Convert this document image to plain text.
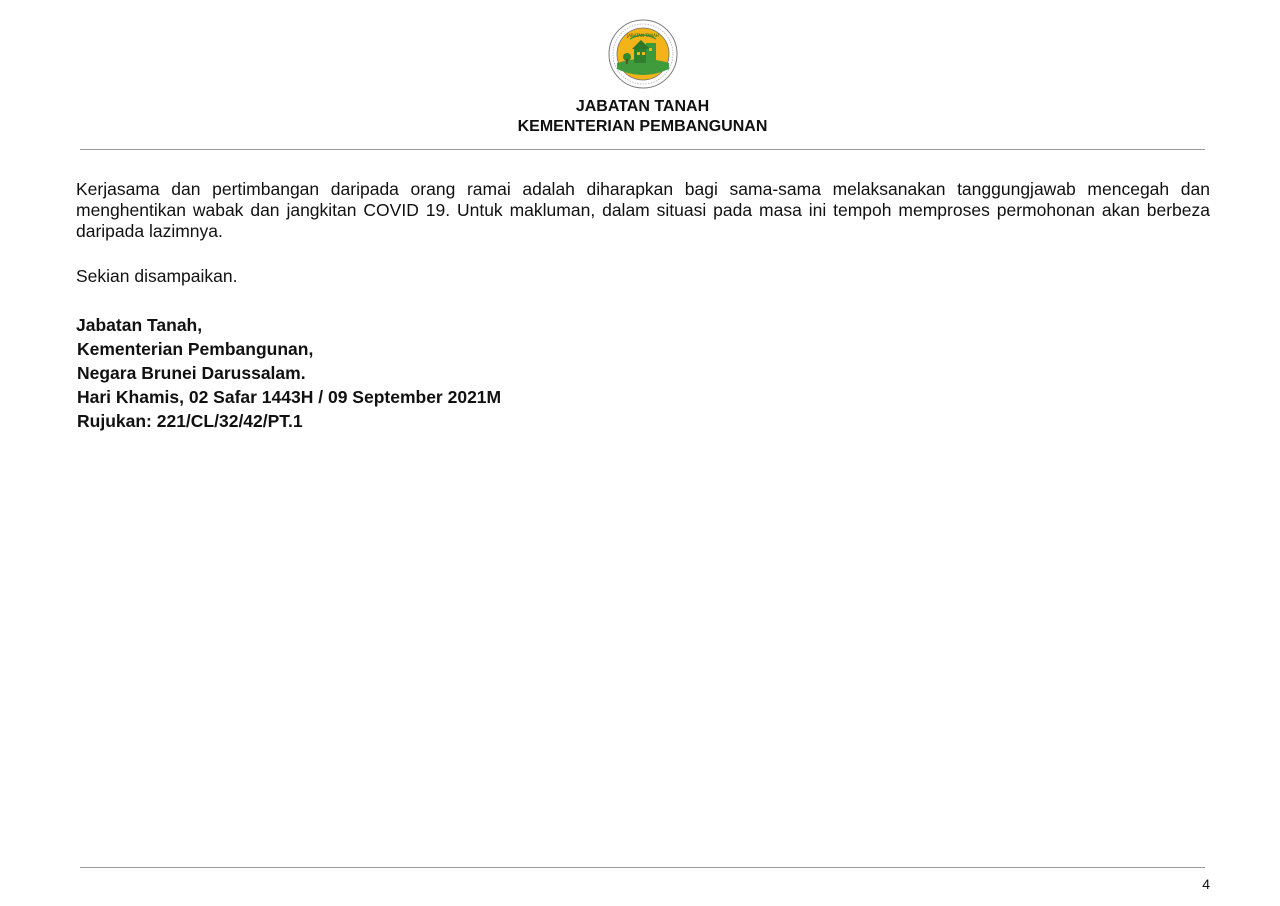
JABATAN TANAH
JABATAN TANAH
KEMENTERIAN PEMBANGUNAN
Kerjasama dan pertimbangan daripada orang ramai adalah diharapkan bagi sama-sama melaksanakan tanggungjawab mencegah dan menghentikan wabak dan jangkitan COVID 19. Untuk makluman, dalam situasi pada masa ini tempoh memproses permohonan akan berbeza daripada lazimnya.
Sekian disampaikan.
Jabatan Tanah,
Kementerian Pembangunan,
Negara Brunei Darussalam.
Hari Khamis, 02 Safar 1443H / 09 September 2021M
Rujukan: 221/CL/32/42/PT.1
4
